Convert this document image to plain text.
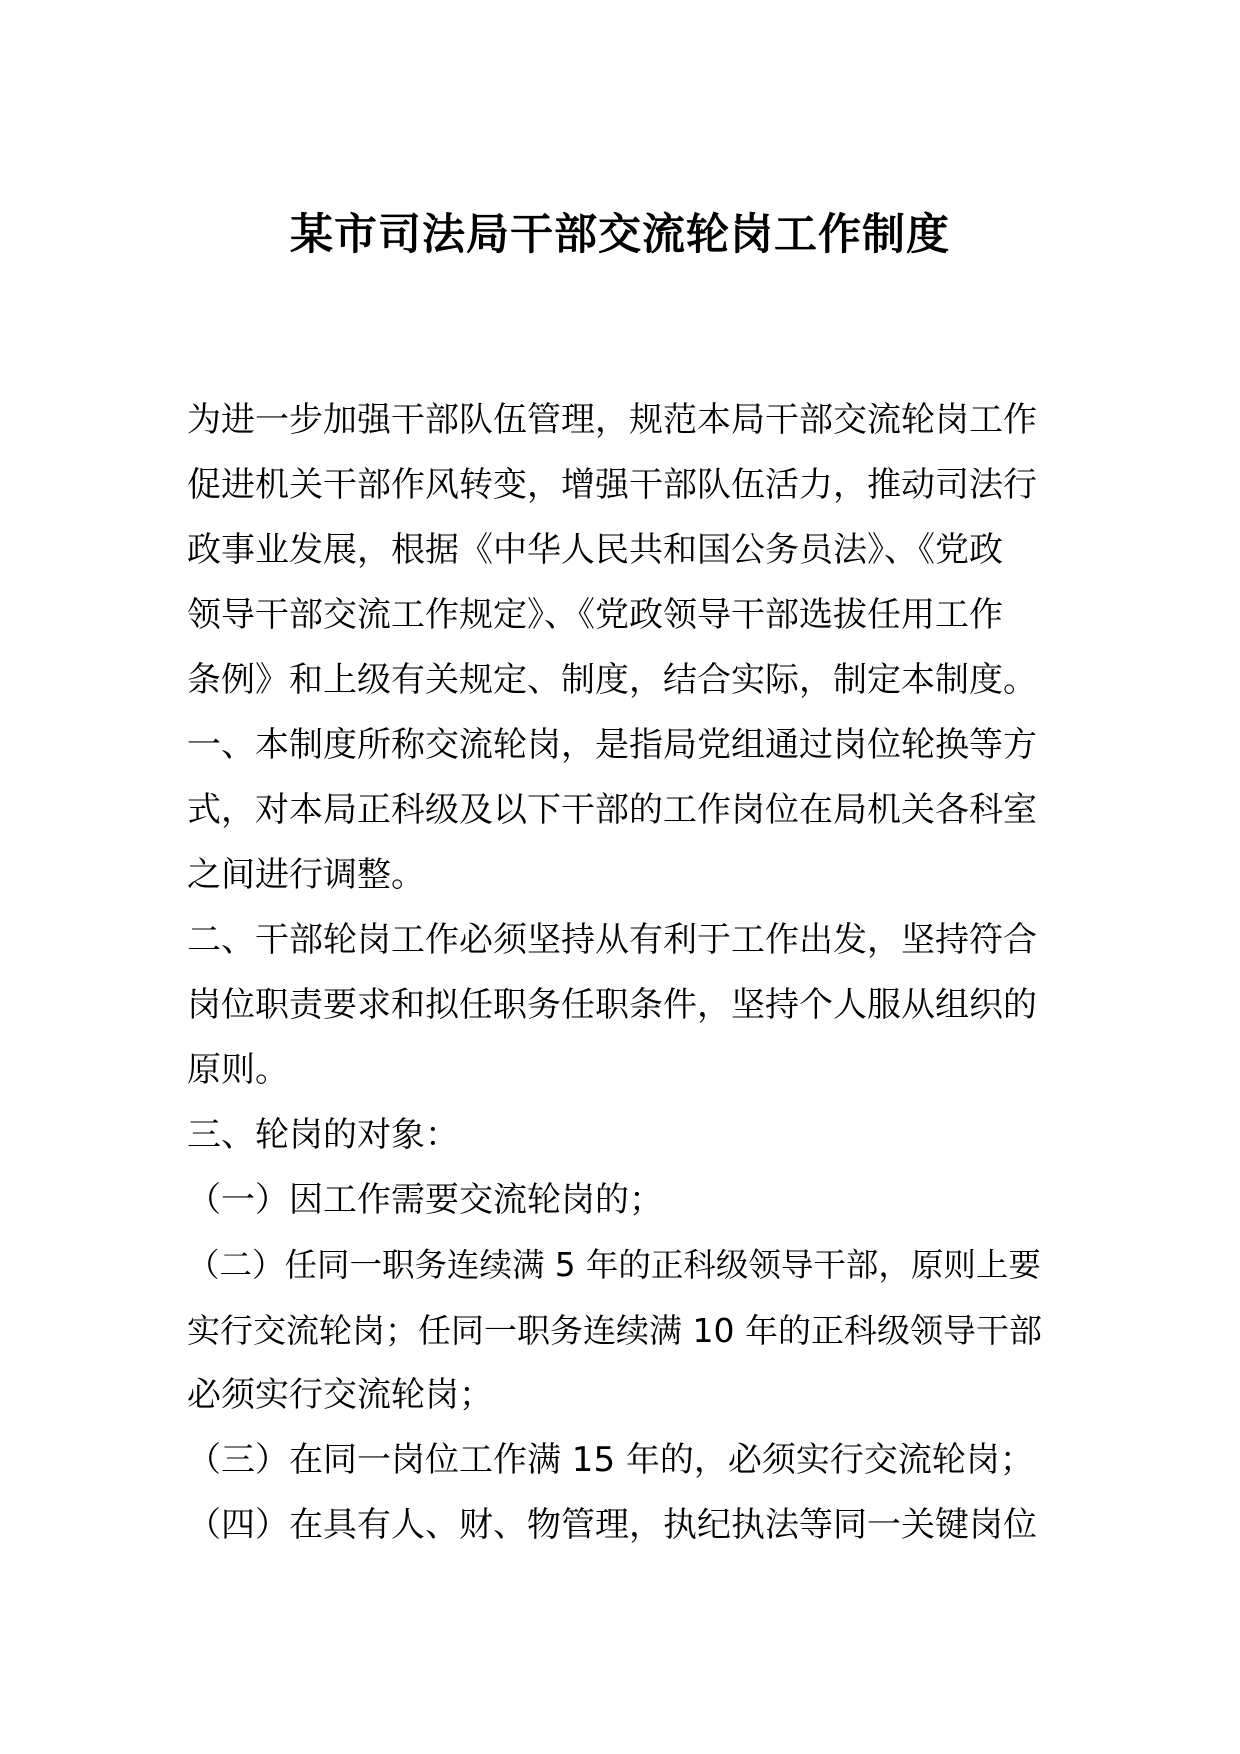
某市司法局干部交流轮岗工作制度
为进一步加强干部队伍管理，规范本局干部交流轮岗工作
促进机关干部作风转变，增强干部队伍活力，推动司法行
政事业发展，根据《中华人民共和国公务员法》、《党政
领导干部交流工作规定》、《党政领导干部选拔任用工作
条例》和上级有关规定、制度，结合实际，制定本制度。
一、本制度所称交流轮岗，是指局党组通过岗位轮换等方
式，对本局正科级及以下干部的工作岗位在局机关各科室
之间进行调整。
二、干部轮岗工作必须坚持从有利于工作出发，坚持符合
岗位职责要求和拟任职务任职条件，坚持个人服从组织的
原则。
三、轮岗的对象：
（一）因工作需要交流轮岗的；
（二）任同一职务连续满 5 年的正科级领导干部，原则上要
实行交流轮岗；任同一职务连续满 10 年的正科级领导干部
必须实行交流轮岗；
（三）在同一岗位工作满 15 年的，必须实行交流轮岗；
（四）在具有人、财、物管理，执纪执法等同一关键岗位
